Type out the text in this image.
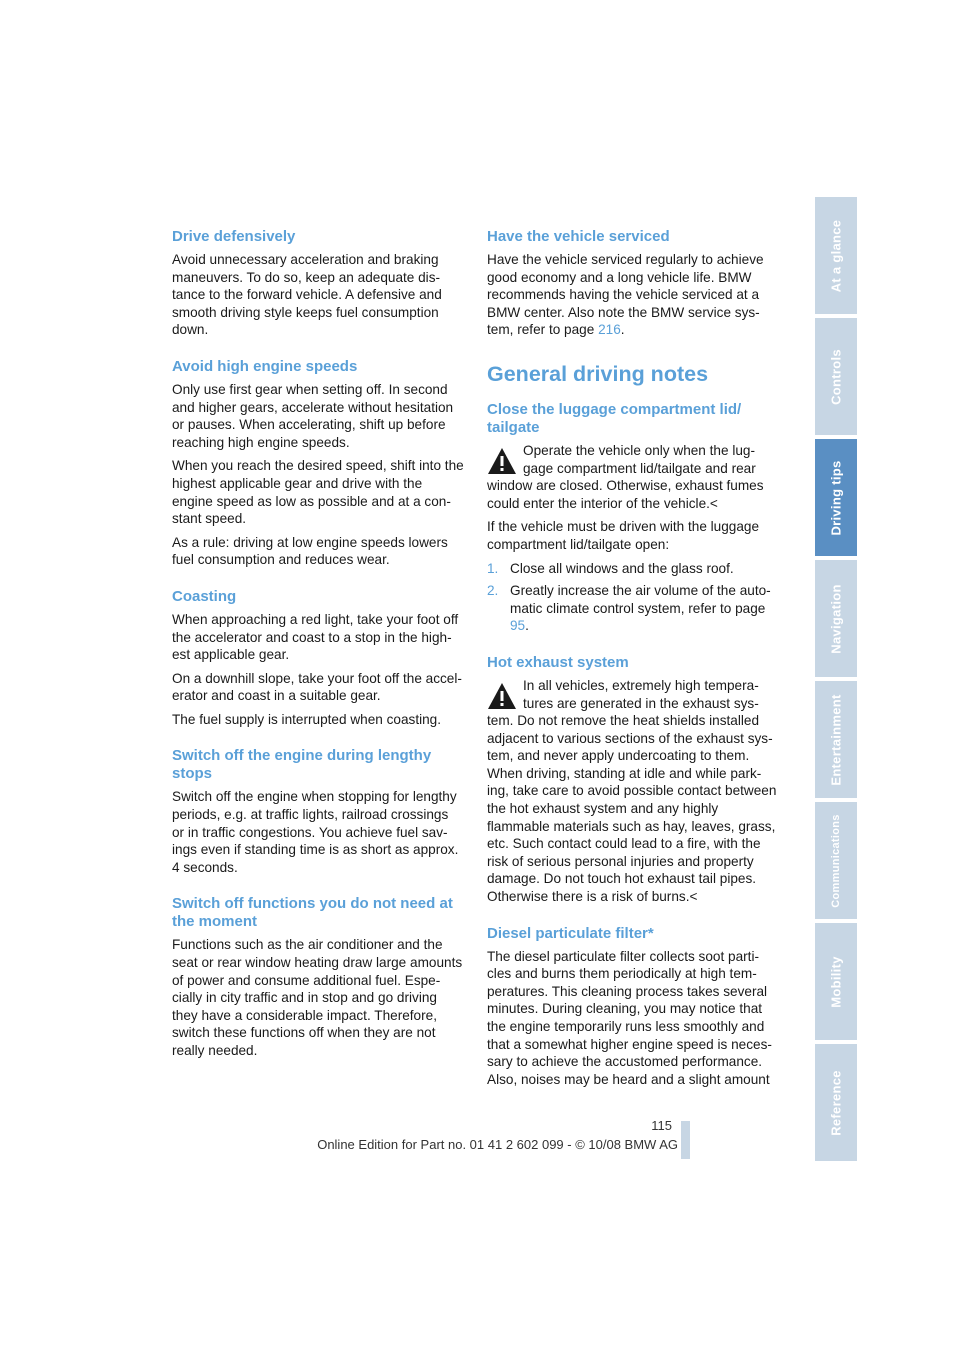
Drive defensively

Avoid unnecessary acceleration and braking maneuvers. To do so, keep an adequate dis-tance to the forward vehicle. A defensive and smooth driving style keeps fuel consumption down.

Avoid high engine speeds

Only use first gear when setting off. In second and higher gears, accelerate without hesitation or pauses. When accelerating, shift up before reaching high engine speeds.

When you reach the desired speed, shift into the highest applicable gear and drive with the engine speed as low as possible and at a con-stant speed.

As a rule: driving at low engine speeds lowers fuel consumption and reduces wear.

Coasting

When approaching a red light, take your foot off the accelerator and coast to a stop in the high-est applicable gear.

On a downhill slope, take your foot off the accel-erator and coast in a suitable gear.

The fuel supply is interrupted when coasting.

Switch off the engine during lengthy stops

Switch off the engine when stopping for lengthy periods, e.g. at traffic lights, railroad crossings or in traffic congestions. You achieve fuel sav-ings even if standing time is as short as approx. 4 seconds.

Switch off functions you do not need at the moment

Functions such as the air conditioner and the seat or rear window heating draw large amounts of power and consume additional fuel. Espe-cially in city traffic and in stop and go driving they have a considerable impact. Therefore, switch these functions off when they are not really needed.

Have the vehicle serviced

Have the vehicle serviced regularly to achieve good economy and a long vehicle life. BMW recommends having the vehicle serviced at a BMW center. Also note the BMW service sys-tem, refer to page 216.

General driving notes
Close the luggage compartment lid/ tailgate

Operate the vehicle only when the lug-gage compartment lid/tailgate and rear window are closed. Otherwise, exhaust fumes could enter the interior of the vehicle.<

If the vehicle must be driven with the luggage compartment lid/tailgate open:

1. Close all windows and the glass roof.
2. Greatly increase the air volume of the auto-matic climate control system, refer to page 95.
Hot exhaust system

In all vehicles, extremely high tempera-tures are generated in the exhaust sys-tem. Do not remove the heat shields installed adjacent to various sections of the exhaust sys-tem, and never apply undercoating to them. When driving, standing at idle and while park-ing, take care to avoid possible contact between the hot exhaust system and any highly flammable materials such as hay, leaves, grass, etc. Such contact could lead to a fire, with the risk of serious personal injuries and property damage. Do not touch hot exhaust tail pipes. Otherwise there is a risk of burns.<

Diesel particulate filter*

The diesel particulate filter collects soot parti-cles and burns them periodically at high tem-peratures. This cleaning process takes several minutes. During cleaning, you may notice that the engine temporarily runs less smoothly and that a somewhat higher engine speed is neces-sary to achieve the accustomed performance. Also, noises may be heard and a slight amount

At a glance
Controls
Driving tips
Navigation
Entertainment
Communications
Mobility
Reference
115
Online Edition for Part no. 01 41 2 602 099 - © 10/08 BMW AG
